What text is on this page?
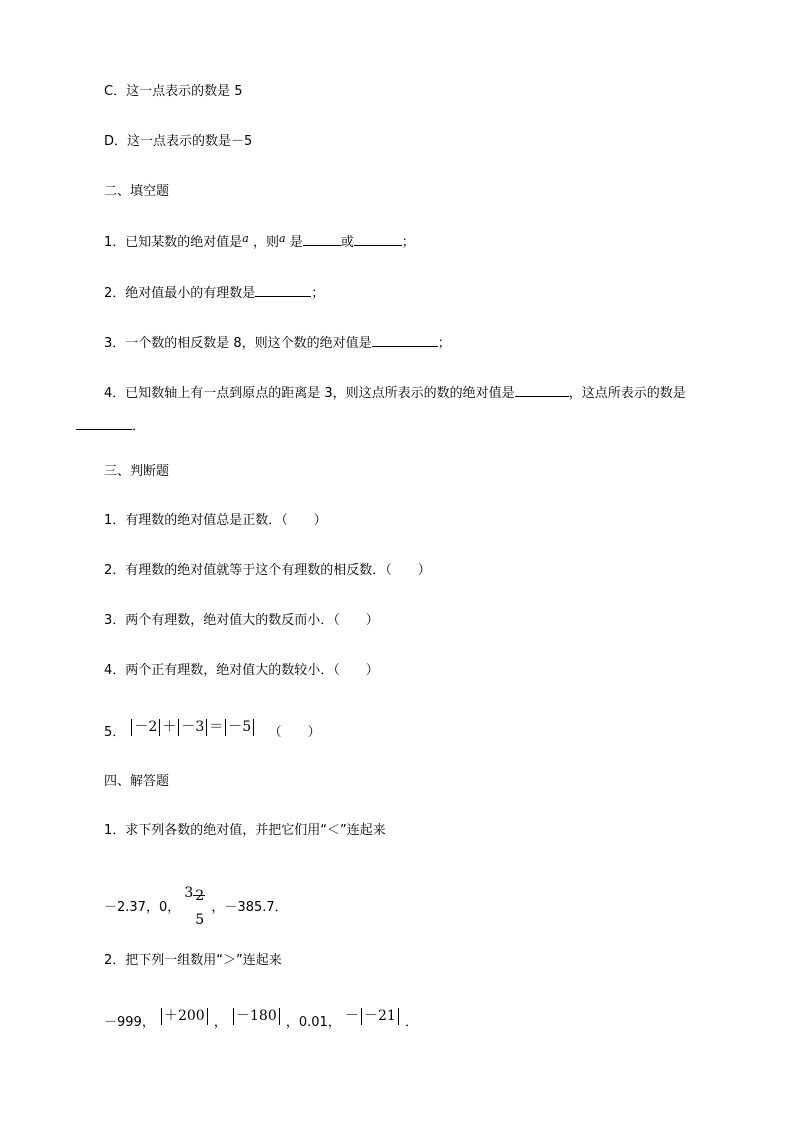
C．这一点表示的数是 5
D．这一点表示的数是－5
二、填空题
1．已知某数的绝对值是$^a$ ，则$^a$ 是	或	；
2．绝对值最小的有理数是	；
3．一个数的相反数是 8，则这个数的绝对值是	；
4．已知数轴上有一点到原点的距离是 3，则这点所表示的数的绝对值是	，这点所表示的数是
．
三、判断题
1．有理数的绝对值总是正数．（　　）
2．有理数的绝对值就等于这个有理数的相反数．（　　）
3．两个有理数，绝对值大的数反而小．（　　）
4．两个正有理数，绝对值大的数较小．（　　）
5． －2 ＋ －3 ＝ －5 （　　）
四、解答题
1．求下列各数的绝对值，并把它们用“＜”连起来
－2.37，0， 3 2
5
，－385.7．
2．把下列一组数用“＞”连起来
－999， ＋200 ， －180 ，0.01， － －21 ．
